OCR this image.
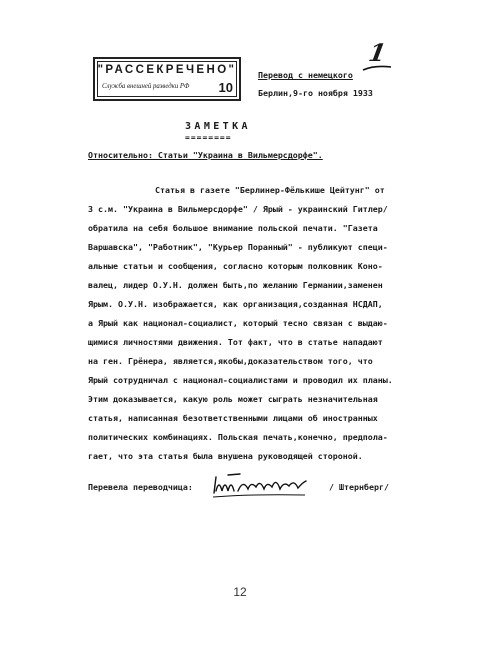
"РАССЕКРЕЧЕНО"
Служба внешней разведки РФ 10
1
Перевод с немецкого
Берлин,9-го ноября 1933
ЗАМЕТКА
========
Относительно: Статьи "Украина в Вильмерсдорфе".
Статья в газете "Берлинер-Фёлькише Цейтунг" от
3 с.м. "Украина в Вильмерсдорфе" / Ярый - украинский Гитлер/
обратила на себя большое внимание польской печати. "Газета
Варшавска", "Работник", "Курьер Поранный" - публикуют специ-
альные статьи и сообщения, согласно которым полковник Коно-
валец, лидер О.У.Н. должен быть,по желанию Германии,заменен
Ярым. О.У.Н. изображается, как организация,созданная НСДАП,
а Ярый как национал-социалист, который тесно связан с выдаю-
щимися личностями движения. Тот факт, что в статье нападают
на ген. Грёнера, является,якобы,доказательством того, что
Ярый сотрудничал с национал-социалистами и проводил их планы.
Этим доказывается, какую роль может сыграть незначительная
статья, написанная безответственными лицами об иностранных
политических комбинациях. Польская печать,конечно, предпола-
гает, что эта статья была внушена руководящей стороной.
Перевела переводчица:	/ Штернберг/
12
